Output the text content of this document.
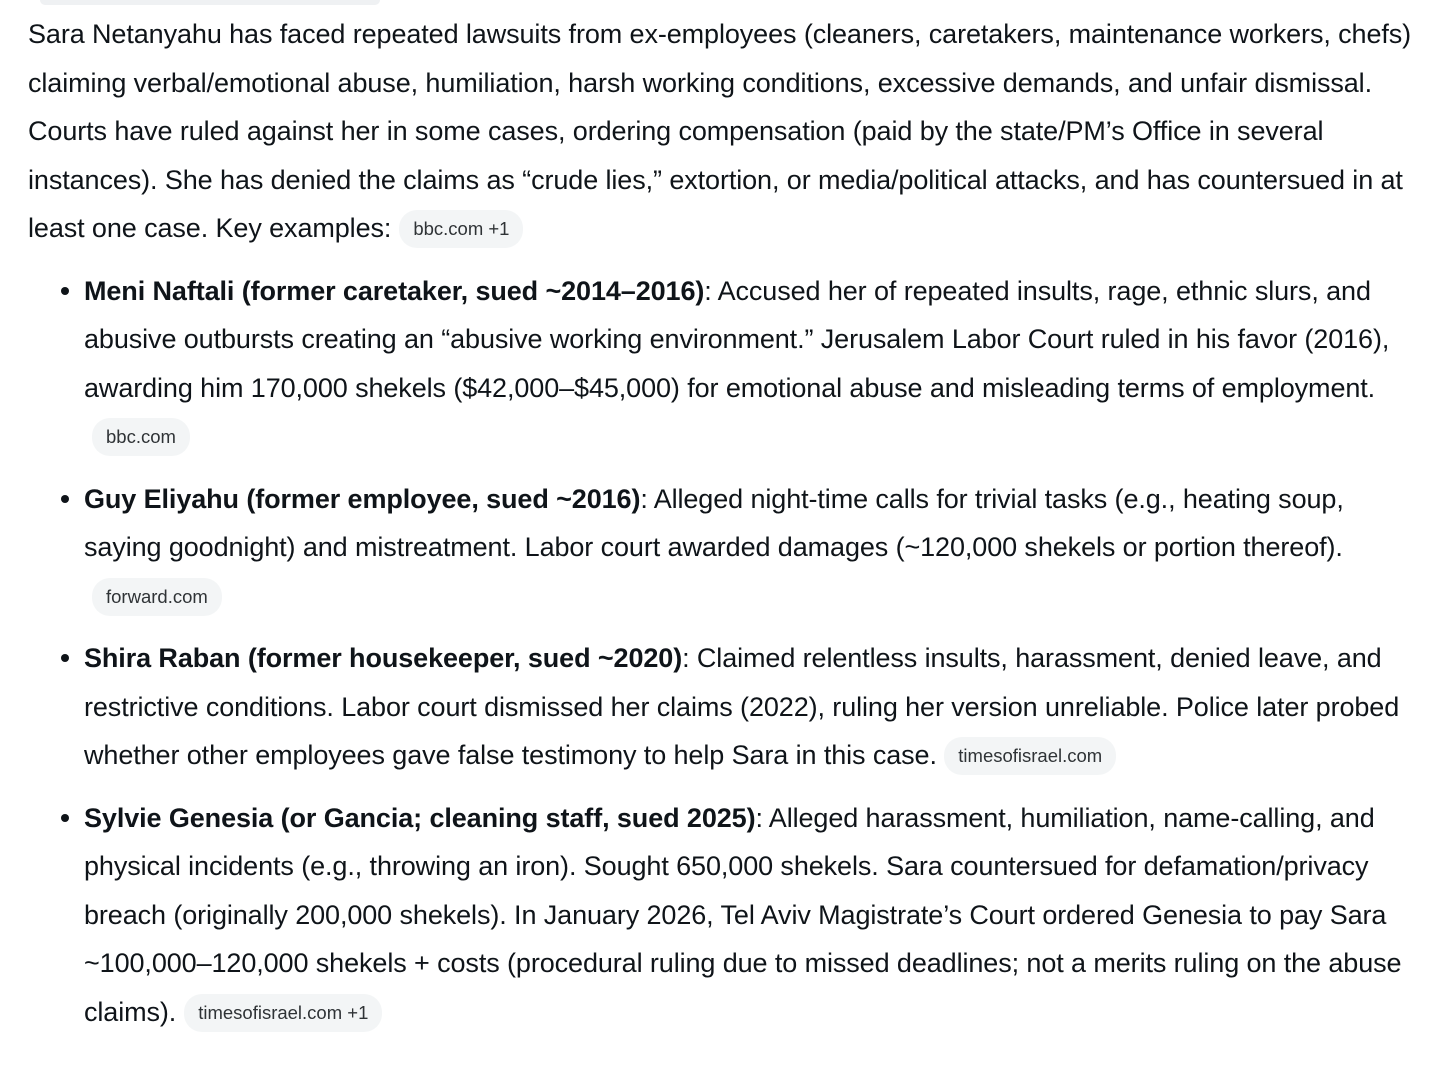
Sara Netanyahu has faced repeated lawsuits from ex-employees (cleaners, caretakers, maintenance workers, chefs) claiming verbal/emotional abuse, humiliation, harsh working conditions, excessive demands, and unfair dismissal. Courts have ruled against her in some cases, ordering compensation (paid by the state/PM’s Office in several instances). She has denied the claims as “crude lies,” extortion, or media/political attacks, and has countersued in at least one case. Key examples: bbc.com +1

Meni Naftali (former caretaker, sued ~2014–2016): Accused her of repeated insults, rage, ethnic slurs, and abusive outbursts creating an “abusive working environment.” Jerusalem Labor Court ruled in his favor (2016), awarding him 170,000 shekels ($42,000–$45,000) for emotional abuse and misleading terms of employment.bbc.com
Guy Eliyahu (former employee, sued ~2016): Alleged night-time calls for trivial tasks (e.g., heating soup, saying goodnight) and mistreatment. Labor court awarded damages (~120,000 shekels or portion thereof).forward.com
Shira Raban (former housekeeper, sued ~2020): Claimed relentless insults, harassment, denied leave, and restrictive conditions. Labor court dismissed her claims (2022), ruling her version unreliable. Police later probed whether other employees gave false testimony to help Sara in this case. timesofisrael.com
Sylvie Genesia (or Gancia; cleaning staff, sued 2025): Alleged harassment, humiliation, name-calling, and physical incidents (e.g., throwing an iron). Sought 650,000 shekels. Sara countersued for defamation/privacy breach (originally 200,000 shekels). In January 2026, Tel Aviv Magistrate’s Court ordered Genesia to pay Sara ~100,000–120,000 shekels + costs (procedural ruling due to missed deadlines; not a merits ruling on the abuse claims). timesofisrael.com +1
